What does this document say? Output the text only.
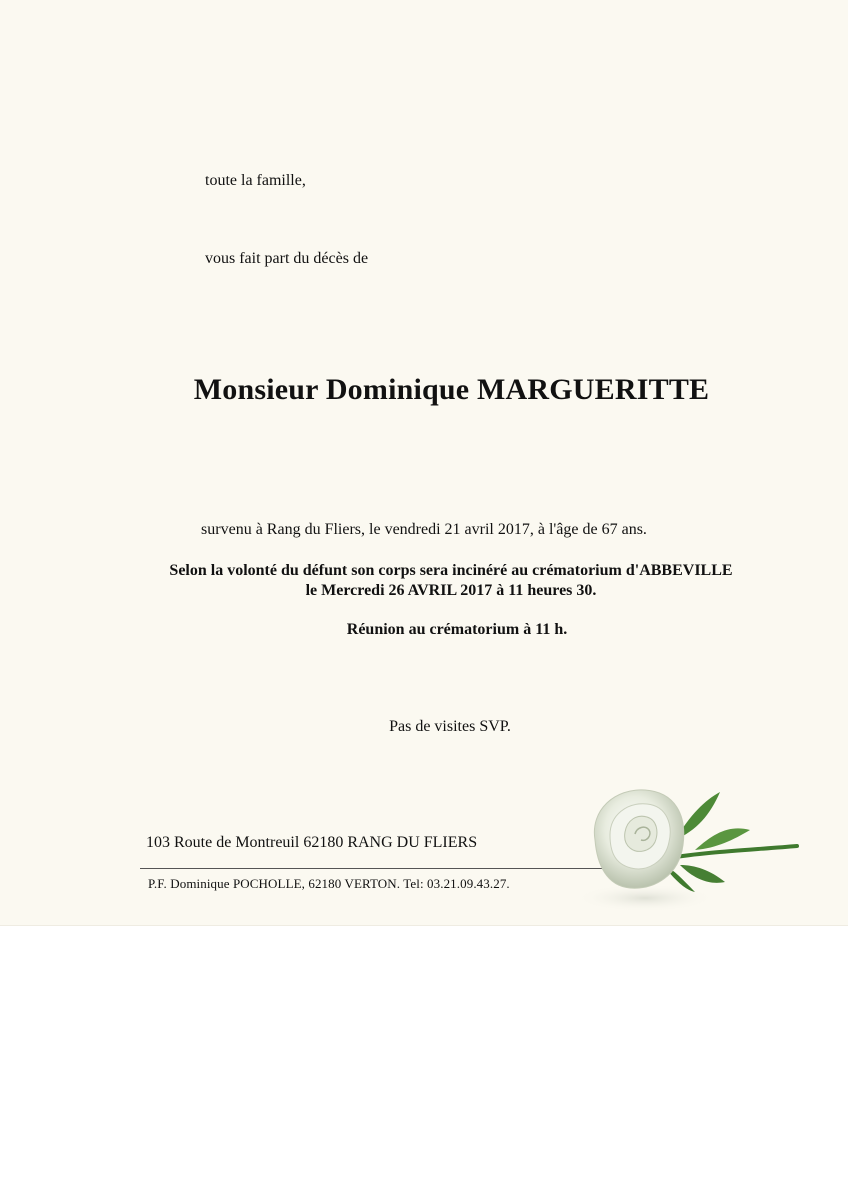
toute la famille,

vous fait part du décès de

Monsieur Dominique MARGUERITTE

survenu à Rang du Fliers, le vendredi 21 avril 2017, à l'âge de 67 ans.

Selon la volonté du défunt son corps sera incinéré au crématorium d'ABBEVILLE
le Mercredi 26 AVRIL 2017 à 11 heures 30.

Réunion au crématorium à 11 h.

Pas de visites SVP.

103 Route de Montreuil 62180 RANG DU FLIERS

P.F. Dominique POCHOLLE, 62180 VERTON. Tel: 03.21.09.43.27.
